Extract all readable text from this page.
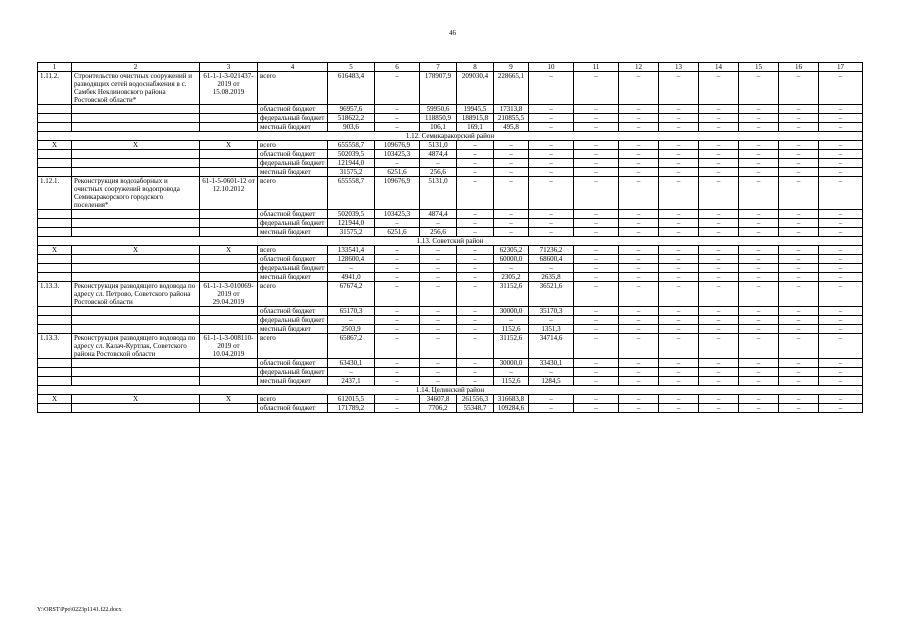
46
1	2	3	4	5	6	7	8	9	10	11	12	13	14	15	16	17
1.11.2.	Строительство очистных сооружений и разводящих сетей водоснабжения в с. Самбек Неклиновского района Ростовской области*	61-1-1-3-021437-2019 от 15.08.2019	всего	616483,4	–	178907,9	209030,4	228665,1	–	–	–	–	–	–	–	–
			областной бюджет	96957,6	–	59950,6	19945,5	17313,8	–	–	–	–	–	–	–	–
			федеральный бюджет	518622,2	–	118850,9	188915,8	210855,5	–	–	–	–	–	–	–	–
			местный бюджет	903,6	–	106,1	169,1	495,8	–	–	–	–	–	–	–	–
1.12. Семикаракорский район																
X	X	X	всего	655558,7	109676,9	5131,0	–	–	–	–	–	–	–	–	–	–
			областной бюджет	502039,5	103425,3	4874,4	–	–	–	–	–	–	–	–	–	–
			федеральный бюджет	121944,0	–	–	–	–	–	–	–	–	–	–	–	–
			местный бюджет	31575,2	6251,6	256,6	–	–	–	–	–	–	–	–	–	–
1.12.1.	Реконструкция водозаборных и очистных сооружений водопровода Семикаракорского городского поселения*	61-1-5-0601-12 от 12.10.2012	всего	655558,7	109676,9	5131,0	–	–	–	–	–	–	–	–	–	–
			областной бюджет	502039,5	103425,3	4874,4	–	–	–	–	–	–	–	–	–	–
			федеральный бюджет	121944,0	–	–	–	–	–	–	–	–	–	–	–	–
			местный бюджет	31575,2	6251,6	256,6	–	–	–	–	–	–	–	–	–	–
1.13. Советский район																
X	X	X	всего	133541,4	–	–	–	62305,2	71236,2	–	–	–	–	–	–	–
			областной бюджет	128600,4	–	–	–	60000,0	68600,4	–	–	–	–	–	–	–
			федеральный бюджет	–	–	–	–	–	–	–	–	–	–	–	–	–
			местный бюджет	4941,0	–	–	–	2305,2	2635,8	–	–	–	–	–	–	–
1.13.3.	Реконструкция разводящего водовода по адресу сл. Петрово, Советского района Ростовской области	61-1-1-3-010069-2019 от 29.04.2019	всего	67674,2	–	–	–	31152,6	36521,6	–	–	–	–	–	–	–
			областной бюджет	65170,3	–	–	–	30000,0	35170,3	–	–	–	–	–	–	–
			федеральный бюджет	–	–	–	–	–	–	–	–	–	–	–	–	–
			местный бюджет	2503,9	–	–	–	1152,6	1351,3	–	–	–	–	–	–	–
1.13.3.	Реконструкция разводящего водовода по адресу сл. Калач-Куртлак, Советского района Ростовской области	61-1-1-3-008110-2019 от 10.04.2019	всего	65867,2	–	–	–	31152,6	34714,6	–	–	–	–	–	–	–
			областной бюджет	63430,1	–	–	–	30000,0	33430,1	–	–	–	–	–	–	–
			федеральный бюджет	–	–	–	–	–	–	–	–	–	–	–	–	–
			местный бюджет	2437,1	–	–	–	1152,6	1284,5	–	–	–	–	–	–	–
1.14. Целинский район																
X	X	X	всего	612015,5	–	34607,8	261556,3	316683,8	–	–	–	–	–	–	–	–
			областной бюджет	171789,2	–	7706,2	55348,7	109284,6	–	–	–	–	–	–	–	–
Y:\ORST\Ppo\0223p1141.f22.docx
